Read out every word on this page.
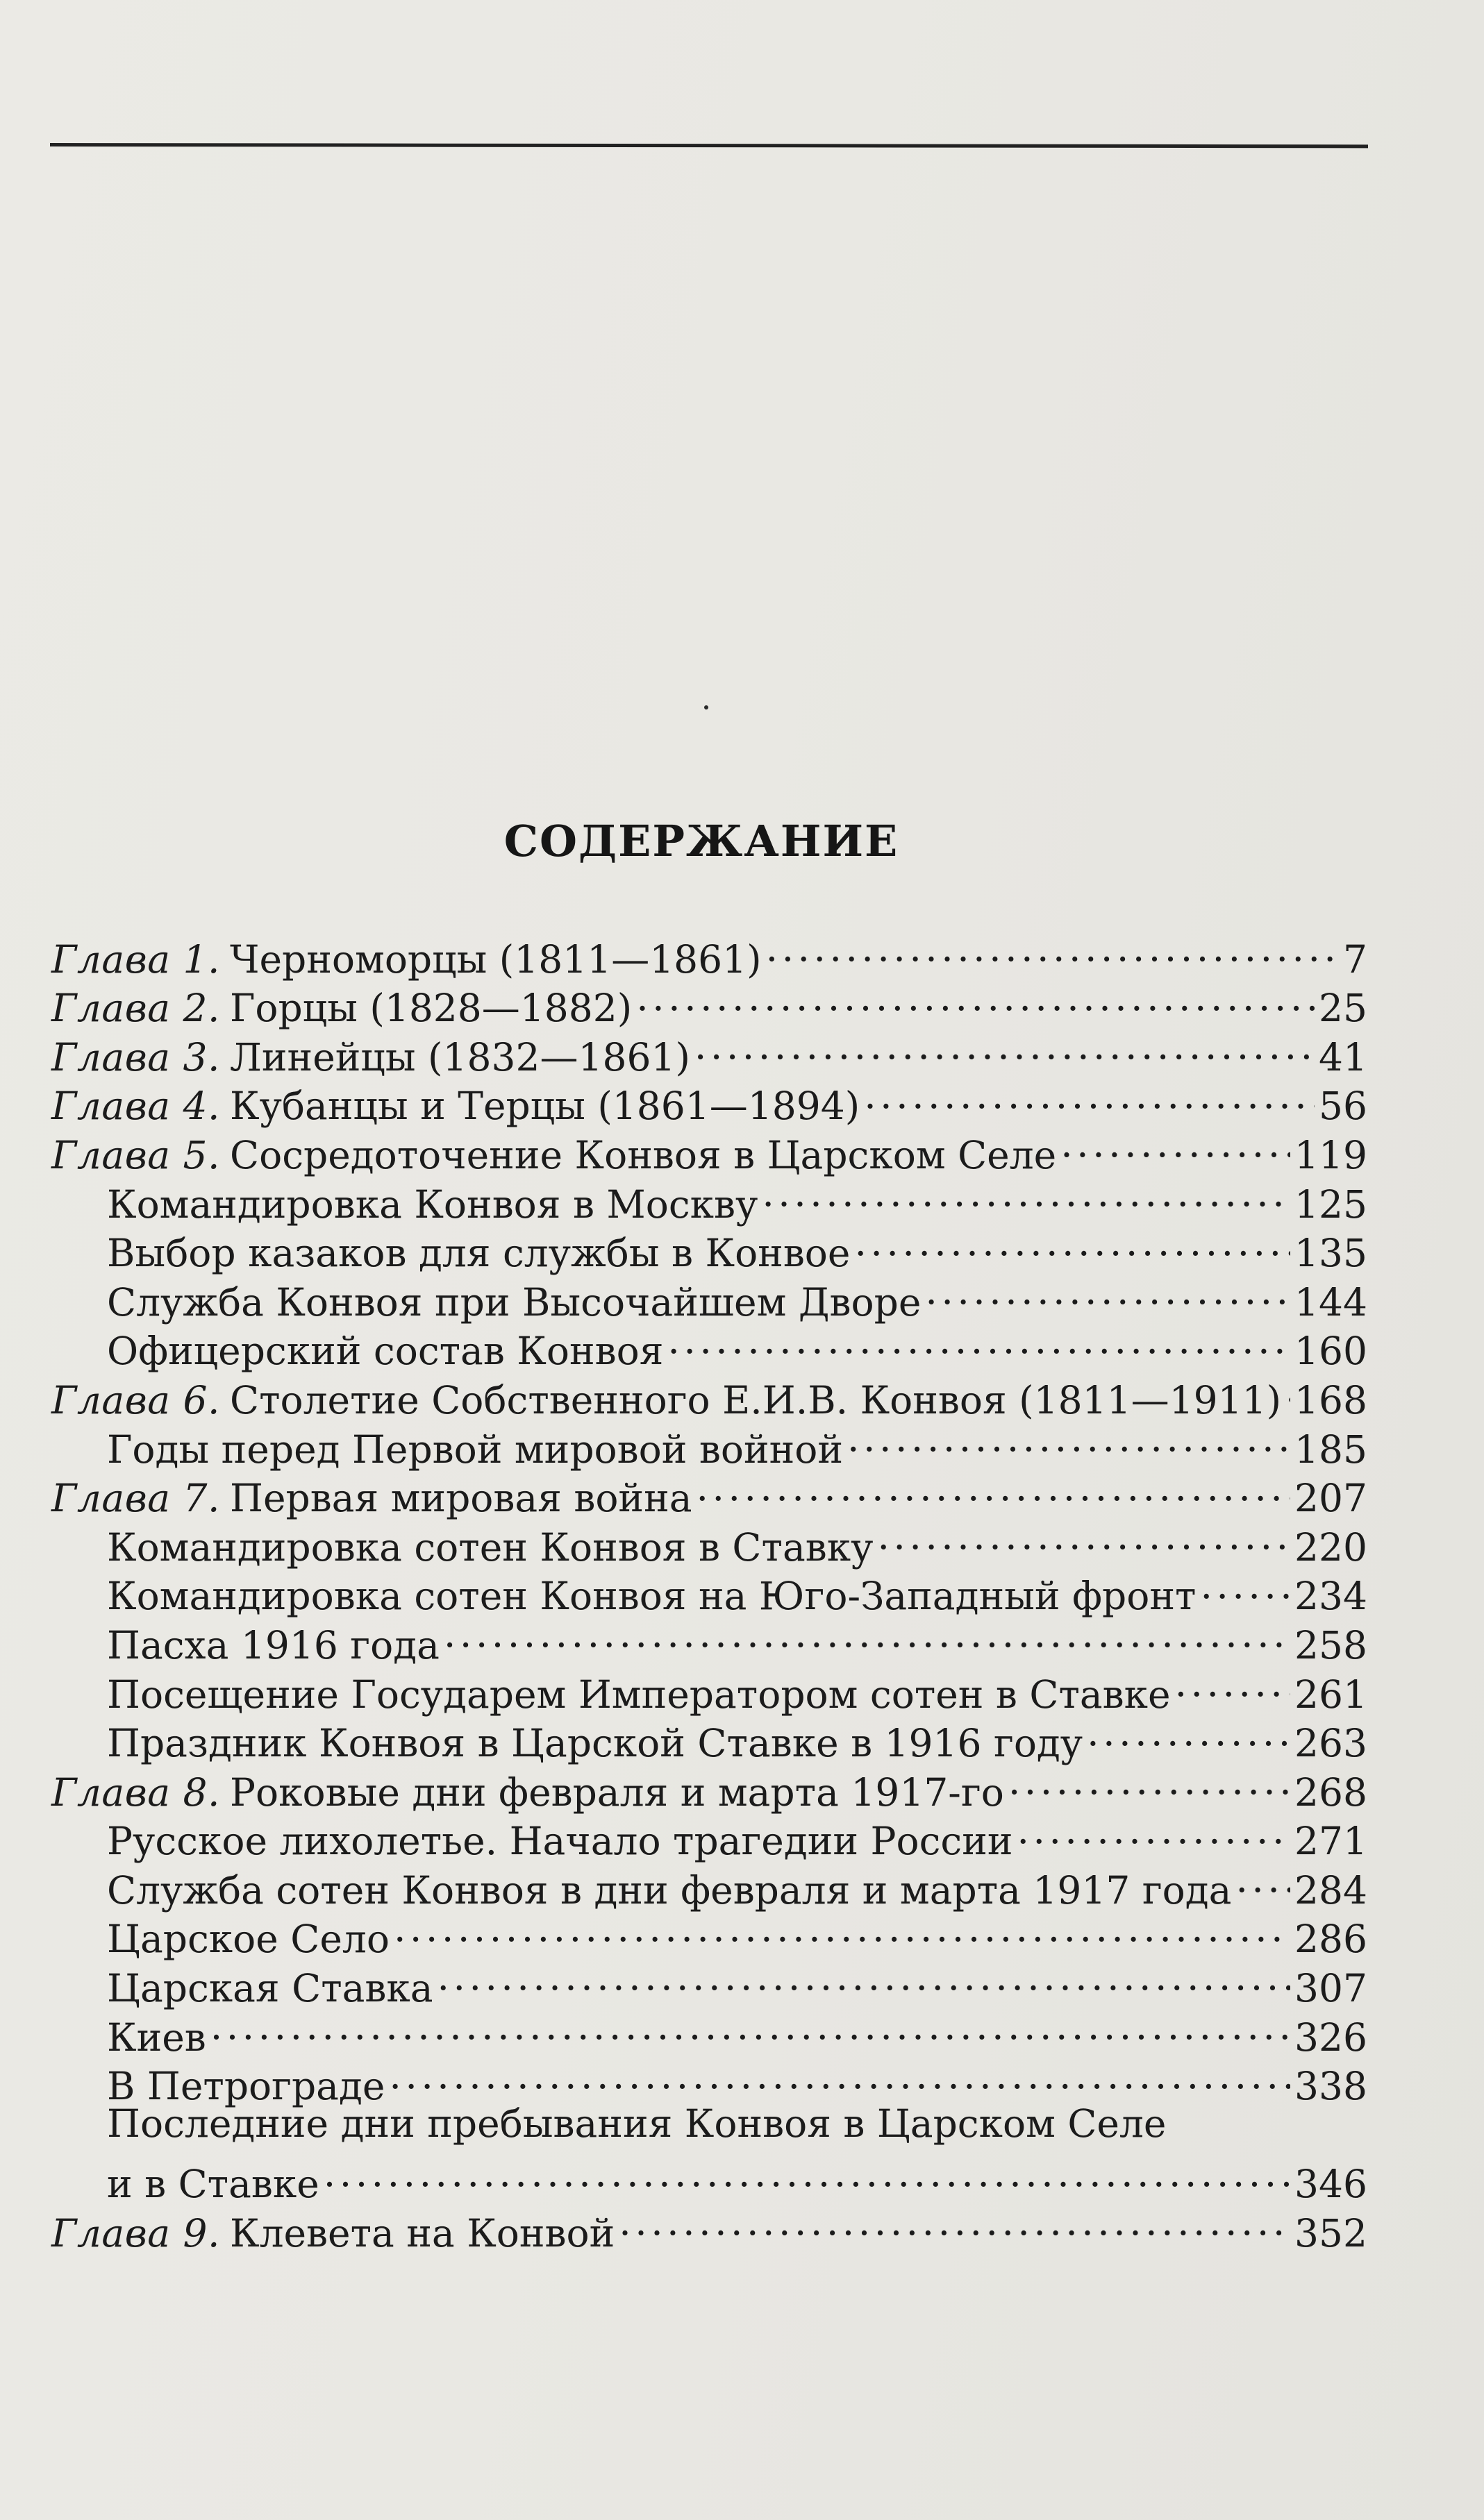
СОДЕРЖАНИЕ
Глава 1. Черноморцы (1811—1861) . . .	7
Глава 2. Горцы (1828—1882) . . .	25
Глава 3. Линейцы (1832—1861) . . .	41
Глава 4. Кубанцы и Терцы (1861—1894) . . .	56
Глава 5. Сосредоточение Конвоя в Царском Селе . . .	119
Командировка Конвоя в Москву . . .	125
Выбор казаков для службы в Конвое . . .	135
Служба Конвоя при Высочайшем Дворе . . .	144
Офицерский состав Конвоя . . .	160
Глава 6. Столетие Собственного Е.И.В. Конвоя (1811—1911) . . . 168
Годы перед Первой мировой войной . . .	185
Глава 7. Первая мировая война . . .	207
Командировка сотен Конвоя в Ставку . . .	220
Командировка сотен Конвоя на Юго-Западный фронт . . .	234
Пасха 1916 года . . .	258
Посещение Государем Императором сотен в Ставке . . .	261
Праздник Конвоя в Царской Ставке в 1916 году . . .	263
Глава 8. Роковые дни февраля и марта 1917-го . . .	268
Русское лихолетье. Начало трагедии России . . .	271
Служба сотен Конвоя в дни февраля и марта 1917 года . . . 284
Царское Село . . .	286
Царская Ставка . . .	307
Киев . . .	326
В Петрограде . . .	338
Последние дни пребывания Конвоя в Царском Селе
и в Ставке . . .	346
Глава 9. Клевета на Конвой . . .	352
